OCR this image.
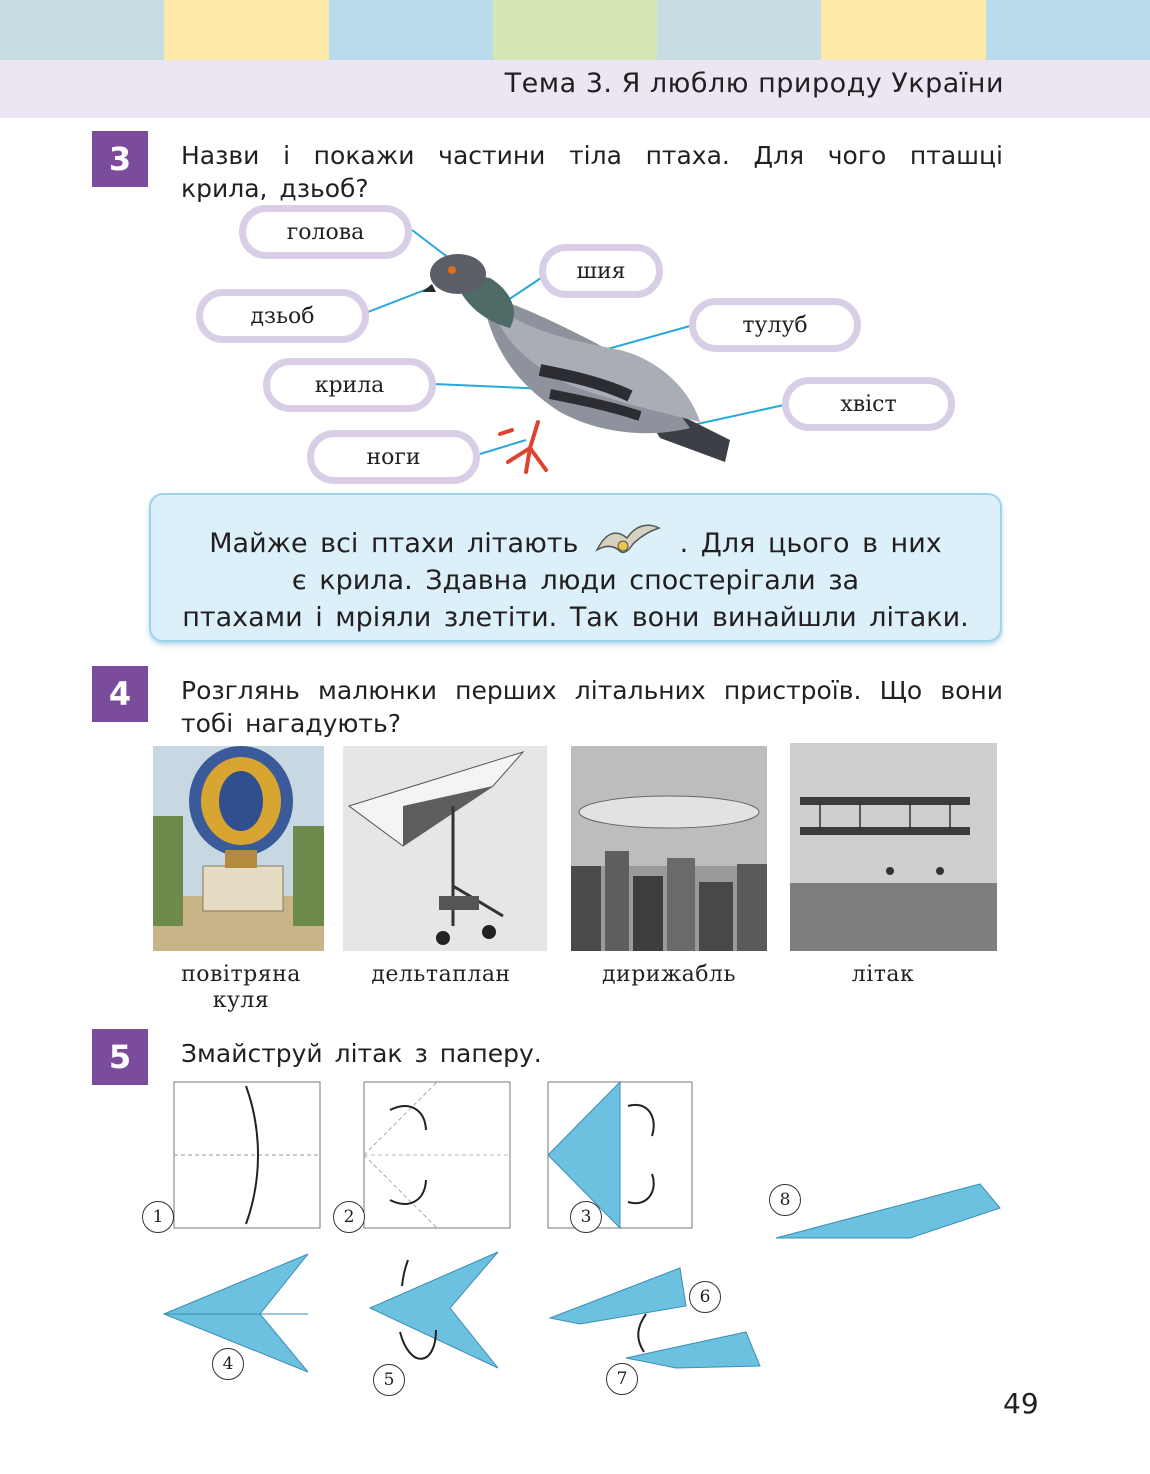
Тема 3. Я люблю природу України
3	Назви і покажи частини тіла птаха. Для чого пташці крила, дзьоб?
голова
шия
дзьоб	тулуб
крила
хвіст
ноги
Майже всі птахи літають	. Для цього в них
є крила. Здавна люди спостерігали за
птахами і мріяли злетіти. Так вони винайшли літаки.
4	Розглянь малюнки перших літальних пристроїв. Що вони тобі нагадують?
повітряна куля
дельтаплан	дирижабль	літак
5	Змайструй літак з паперу.
1	2	3
4
5
6
7
8
49
